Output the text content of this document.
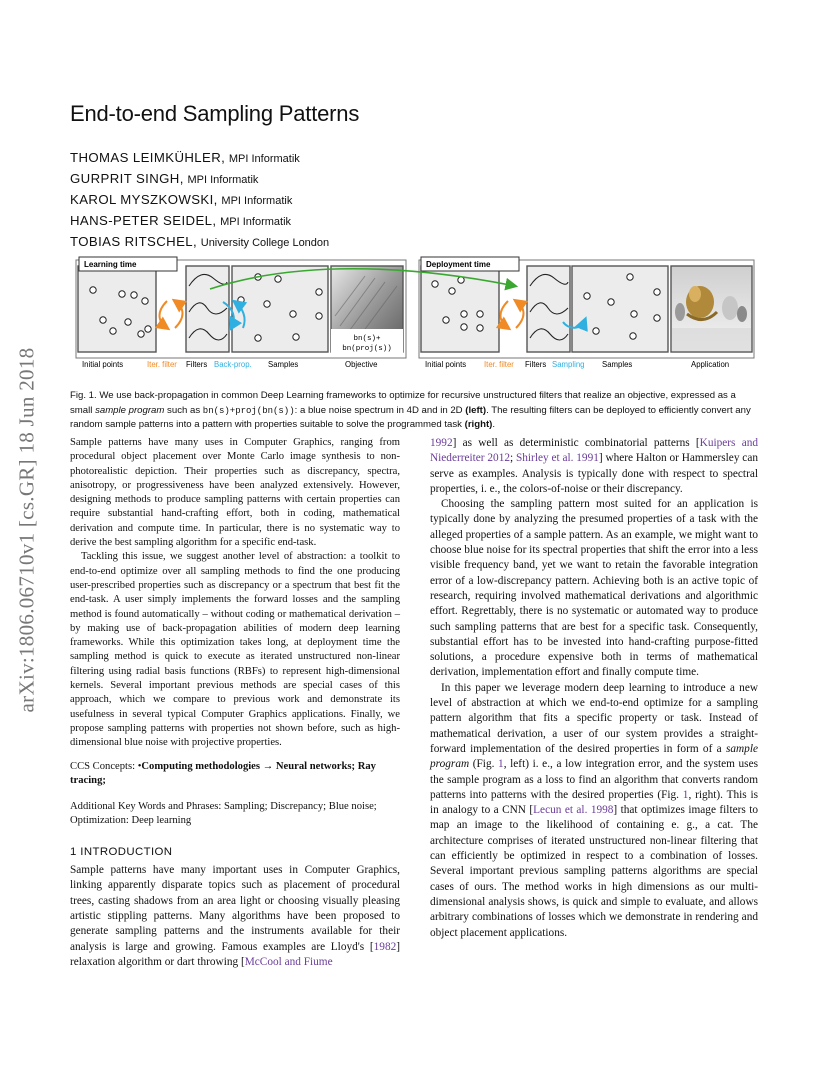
arXiv:1806.06710v1 [cs.GR] 18 Jun 2018
End-to-end Sampling Patterns
THOMAS LEIMKÜHLER, MPI Informatik
GURPRIT SINGH, MPI Informatik
KAROL MYSZKOWSKI, MPI Informatik
HANS-PETER SEIDEL, MPI Informatik
TOBIAS RITSCHEL, University College London
bn(s)+
bn(proj(s))
Learning time	Deployment time
Initial points	Iter. filter Filters Back-prop. Samples	Objective	Initial points Iter. filter Filters Sampling Samples	Application

Fig. 1. We use back-propagation in common Deep Learning frameworks to optimize for recursive unstructured filters that realize an objective, expressed as a small sample program such as bn(s)+proj(bn(s)): a blue noise spectrum in 4D and in 2D (left). The resulting filters can be deployed to efficiently convert any random sample patterns into a pattern with properties suitable to solve the programmed task (right).

Sample patterns have many uses in Computer Graphics, ranging from procedural object placement over Monte Carlo image synthesis to non-photorealistic depiction. Their properties such as discrepancy, spectra, anisotropy, or progressiveness have been analyzed extensively. However, designing methods to produce sampling patterns with certain properties can require substantial hand-crafting effort, both in coding, mathematical derivation and compute time. In particular, there is no systematic way to derive the best sampling algorithm for a specific end-task.

Tackling this issue, we suggest another level of abstraction: a toolkit to end-to-end optimize over all sampling methods to find the one producing user-prescribed properties such as discrepancy or a spectrum that best fit the end-task. A user simply implements the forward losses and the sampling method is found automatically – without coding or mathematical derivation – by making use of back-propagation abilities of modern deep learning frameworks. While this optimization takes long, at deployment time the sampling method is quick to execute as iterated unstructured non-linear filtering using radial basis functions (RBFs) to represent high-dimensional kernels. Several important previous methods are special cases of this approach, which we compare to previous work and demonstrate its usefulness in several typical Computer Graphics applications. Finally, we propose sampling patterns with properties not shown before, such as high-dimensional blue noise with projective properties.

CCS Concepts: •Computing methodologies → Neural networks; Ray tracing;

Additional Key Words and Phrases: Sampling; Discrepancy; Blue noise; Optimization: Deep learning

1 INTRODUCTION

Sample patterns have many important uses in Computer Graphics, linking apparently disparate topics such as placement of procedural trees, casting shadows from an area light or choosing visually pleasing artistic stippling patterns. Many algorithms have been proposed to generate sampling patterns and the instruments available for their analysis is large and growing. Famous examples are Lloyd's [1982] relaxation algorithm or dart throwing [McCool and Fiume

1992] as well as deterministic combinatorial patterns [Kuipers and Niederreiter 2012; Shirley et al. 1991] where Halton or Hammersley can serve as examples. Analysis is typically done with respect to spectral properties, i. e., the colors-of-noise or their discrepancy.

Choosing the sampling pattern most suited for an application is typically done by analyzing the presumed properties of a task with the alleged properties of a sample pattern. As an example, we might want to choose blue noise for its spectral properties that shift the error into a less visible frequency band, yet we want to retain the favorable integration error of a low-discrepancy pattern. Achieving both is an active topic of research, requiring involved mathematical derivations and algorithmic effort. Regrettably, there is no systematic or automated way to produce such sampling patterns that are best for a specific task. Consequently, substantial effort has to be invested into hand-crafting purpose-fitted solutions, a procedure expensive both in terms of mathematical derivation, implementation effort and finally compute time.

In this paper we leverage modern deep learning to introduce a new level of abstraction at which we end-to-end optimize for a sampling pattern algorithm that fits a specific property or task. Instead of mathematical derivation, a user of our system provides a straight-forward implementation of the desired properties in form of a sample program (Fig. 1, left) i. e., a low integration error, and the system uses the sample program as a loss to find an algorithm that converts random patterns into patterns with the desired properties (Fig. 1, right). This is in analogy to a CNN [Lecun et al. 1998] that optimizes image filters to map an image to the likelihood of containing e. g., a cat. The architecture comprises of iterated unstructured non-linear filtering that can efficiently be optimized in respect to a combination of losses. Several important previous sampling patterns algorithms are special cases of ours. The method works in high dimensions as our multi-dimensional analysis shows, is quick and simple to evaluate, and allows arbitrary combinations of losses which we demonstrate in rendering and object placement applications.
